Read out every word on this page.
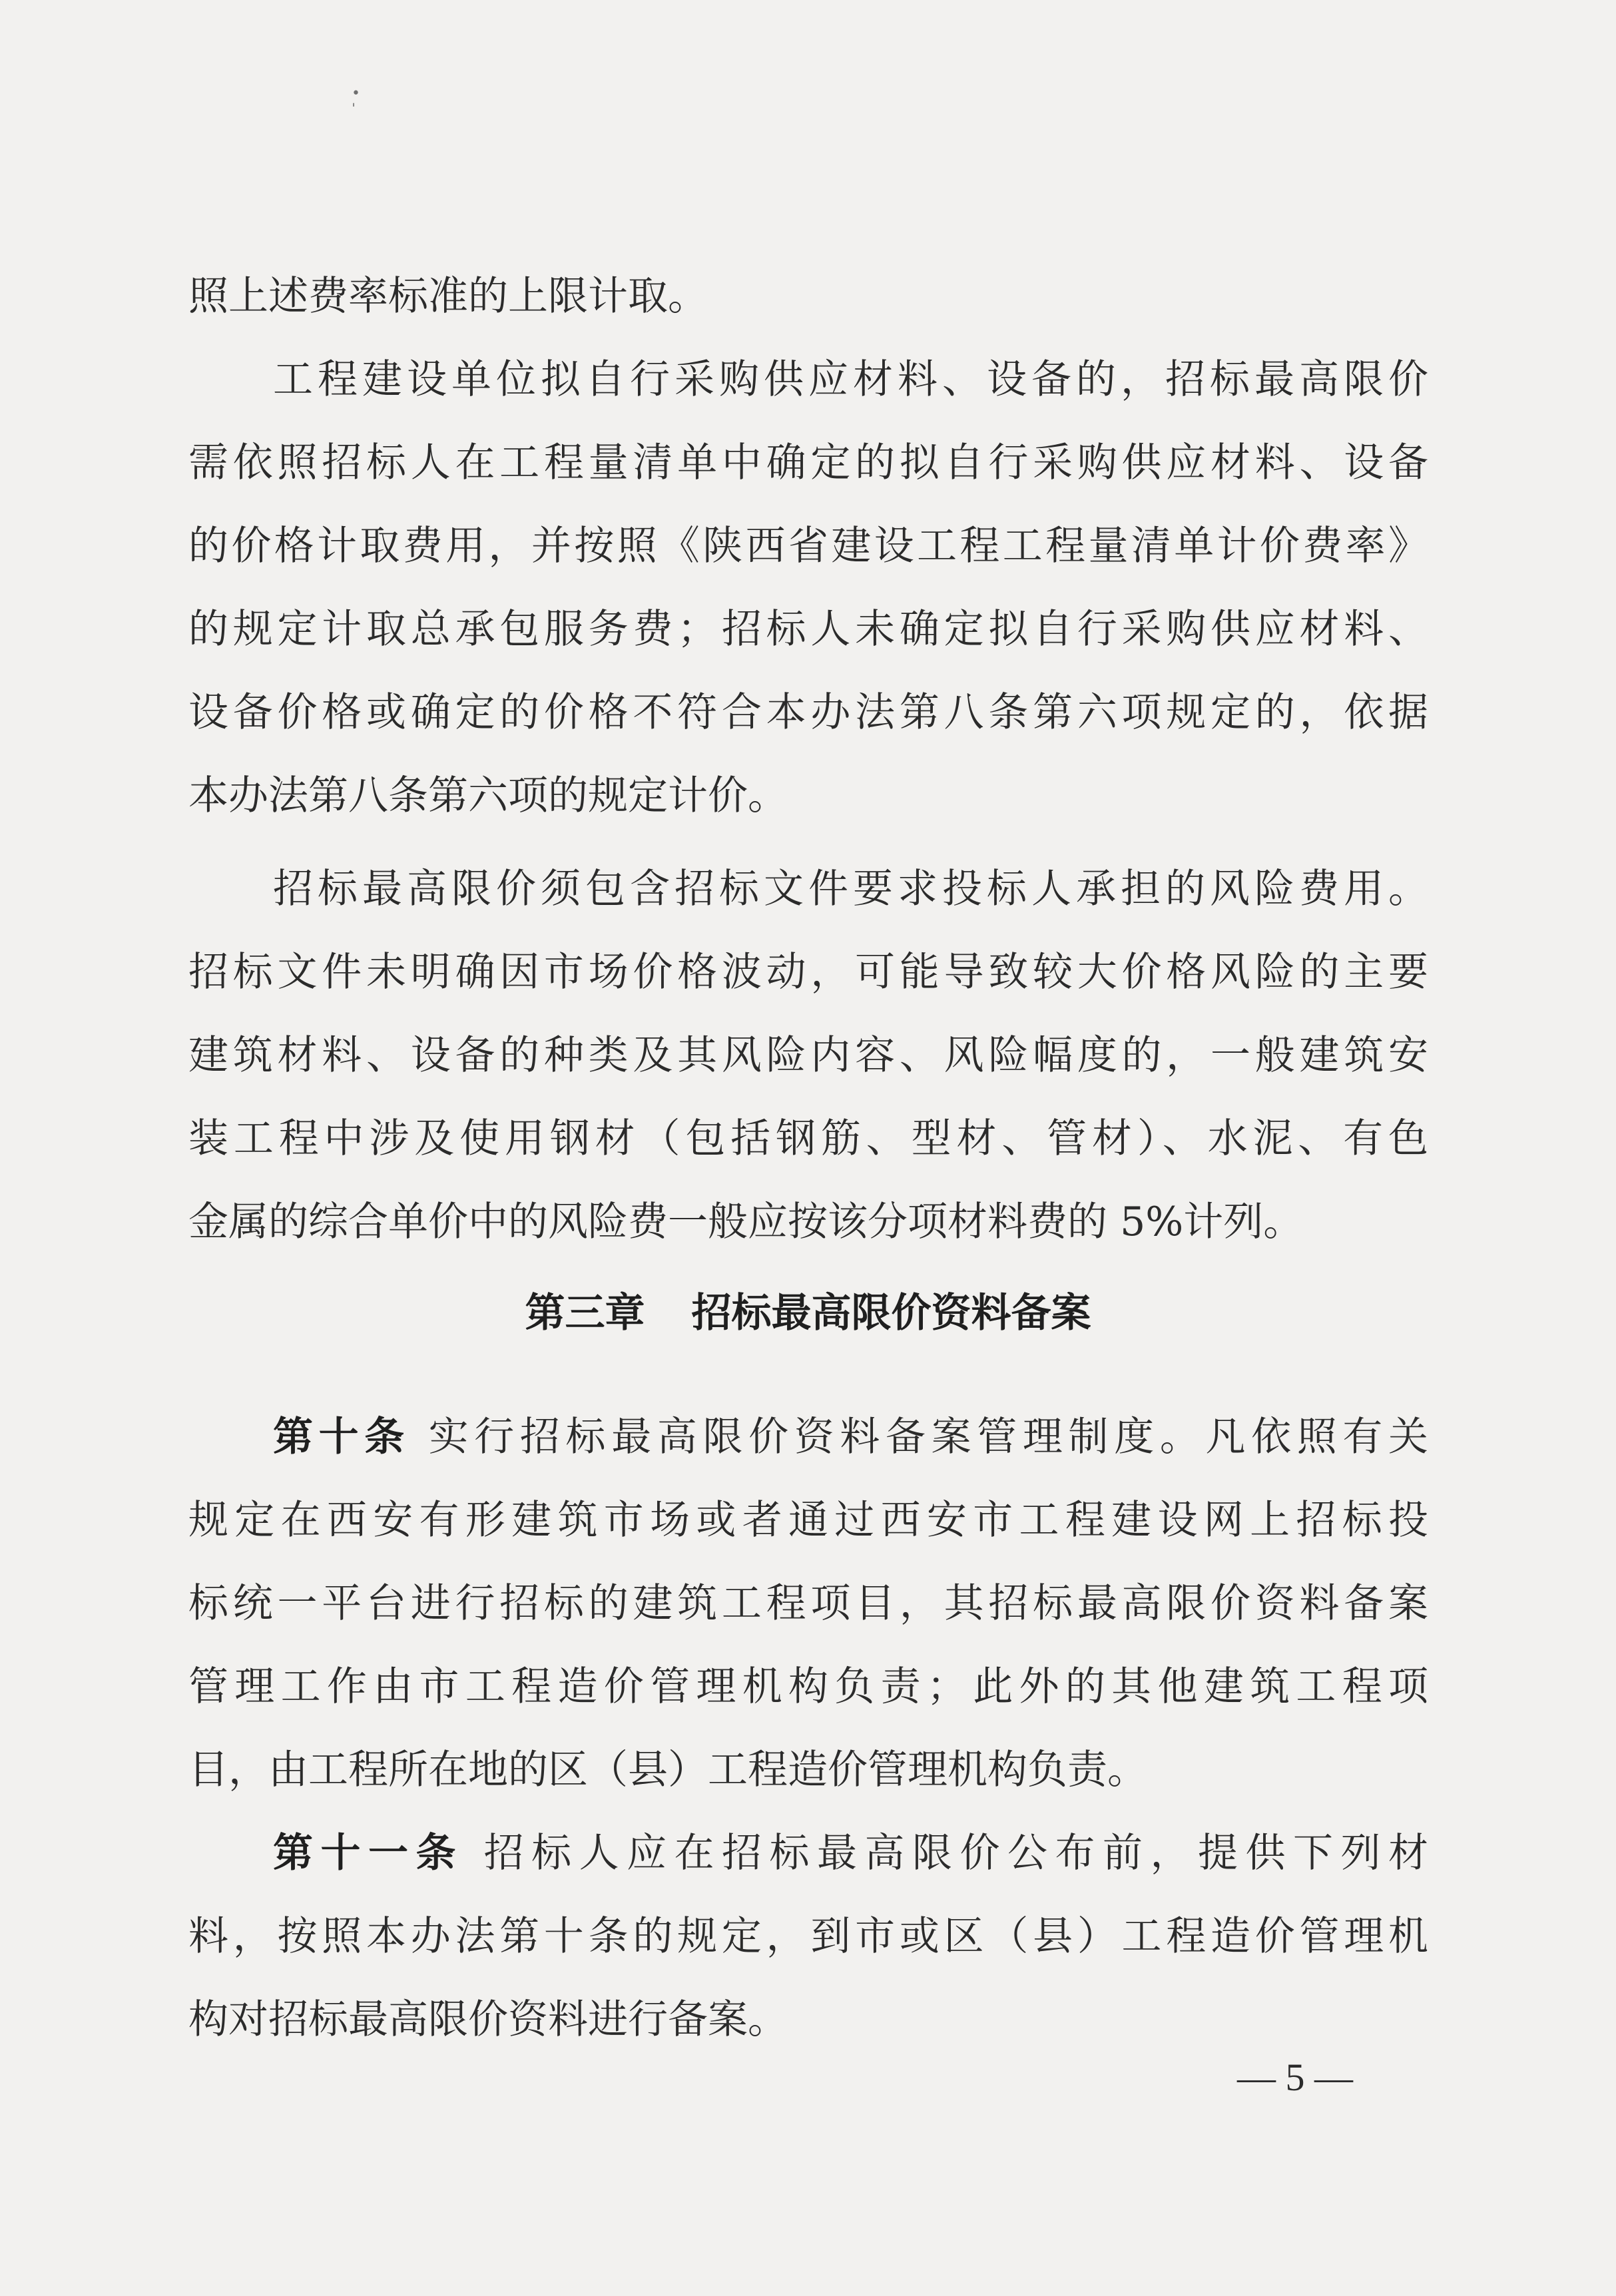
• ˈ
照上述费率标准的上限计取。
工程建设单位拟自行采购供应材料、设备的，招标最高限价
需依照招标人在工程量清单中确定的拟自行采购供应材料、设备
的价格计取费用，并按照《陕西省建设工程工程量清单计价费率》
的规定计取总承包服务费；招标人未确定拟自行采购供应材料、
设备价格或确定的价格不符合本办法第八条第六项规定的，依据
本办法第八条第六项的规定计价。
招标最高限价须包含招标文件要求投标人承担的风险费用。
招标文件未明确因市场价格波动，可能导致较大价格风险的主要
建筑材料、设备的种类及其风险内容、风险幅度的，一般建筑安
装工程中涉及使用钢材（包括钢筋、型材、管材）、水泥、有色
金属的综合单价中的风险费一般应按该分项材料费的 5%计列。
第三章 招标最高限价资料备案
第十条 实行招标最高限价资料备案管理制度。凡依照有关
规定在西安有形建筑市场或者通过西安市工程建设网上招标投
标统一平台进行招标的建筑工程项目，其招标最高限价资料备案
管理工作由市工程造价管理机构负责；此外的其他建筑工程项
目，由工程所在地的区（县）工程造价管理机构负责。
第十一条 招标人应在招标最高限价公布前，提供下列材
料，按照本办法第十条的规定，到市或区（县）工程造价管理机
构对招标最高限价资料进行备案。
— 5 —
